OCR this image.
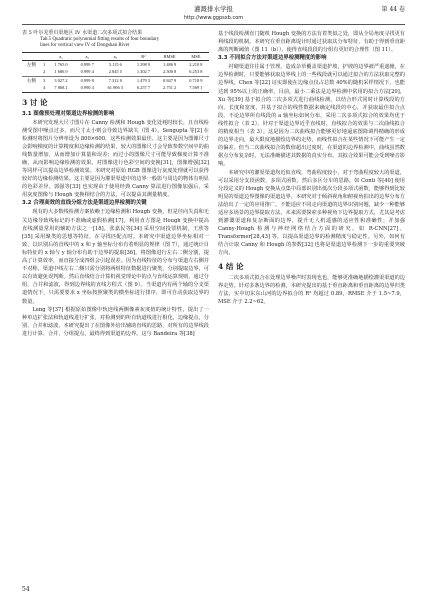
灌溉排水学报	第 44 卷
http://www.ggpsxb.com
表 5 叶尔羌垂川渠地区 IV 水渠道二次多项式拟合结果
Tab.5 Quadratic polynomial fitting results of four boundary
lines for vertical view IV of Dongshan River
		a₁	a₂	a₃	R²	RMSE	MSE
左侧	1	1 765.0	0.999 7	3.115 6	1.398 9	1.486 9	2.210 8
	2	1 686.9	0.999 4	2.845 5	1.302 7	2.500 8	6.253 8
右侧	3	3 027.2	0.999 8	7.312 0	1.479 3	0.847 9	0.718 9
	4	7 868.1	0.990 4	61.906 3	6.257 7	2.751 2	7.569 1
3 讨 论
3.1 图像预处理对渠道边界检测的影响

本研究发现大尺寸图片在 Canny 检测和 Hough 变化处耗时较长，且直线检测受图中噪点过多，而尺寸太小则会导致边界缺失（图 4）。Sengupta 等[2] 在检测时将图片分辨率设为 800×600，这些检测效果最佳。这主要是因为图像尺寸会影响梯度的计算精度和边缘检测的结果，较大的图像尺寸会导致参数空间中的曲线数量增加，从而增加计算量和误差；而过小的图像尺寸可能导致梯度计算不准确，从而影响边缘检测的效果。对图像进行色彩空间的变换[31]，图像增强[32] 等同样可以提高边界检测效果。本研究对原始 RGB 图像进行灰度处理就可以获得较好的边缘检测结果。这主要是因为灌渠渠道中的边界一般影与周边的物体有明显的色彩差异。郭强等[33] 也实现由于使用经典 Canny 算法进行图像加强后，采用灰度图像与 Hough 变换相结合的方法，可以提高其测量精度。

3.2 合理高效的直线分组方法是渠道边界检测的关键

现有的大多数线检测方案依赖于边缘检测和 Hough 变换，但是径向失真和无关边缘导致线标记的不准确或虚假检测[17]。利用直方图是 Hough 变换中提高直线测量常用的辅助方法之一[18]。张嘉民等[34] 采用空间投票机制，王欣等[35] 采用聚类的思想等特征，在寻找匹配点时。本研究中渠道边界坐标相对一致，以识别后的直线中的 x 和 y 轴坐标分布有着明显的规律（图 7），通过统计目标特征的 x 轴与 y 轴分布有助于边界的提取[36]。将图像进行左右二侧分割，提高了计算效率，而直接分成四组会引起误差。因为直线特征的分布与渠道左右侧并不对称，渠道中线左右二侧只需分别将两组特征数据进行聚类，分别提取边界，可以有效避免误判断。然后直线结合计算机视觉理论中的点与直线运算规则，通过分组、合并和滤波，得到边界线的直线方程式（图 9）。当渠道内有两个轴的分支渠道情况下，只需要要求 x 坐标按照聚类的横坐标进行排序，即可自动获取边界的数量。

Leng 等[37] 根据原始图像中轨迹线两侧像素灰度值的统计特性，提出了一种单边扩张法和轨道线进行扩张，对检测到的所有轨道线进行相化，边缘提点，分别、合并和滤波。本研究提出了在图像外给出辅助直线的思路，对所有的边界线段进行计算、合并、分组提点，最终得到渠道的边界。这与 Bandeira 等[38]

基于线段检测直门随机 Hough 变换的方法有着类似之处，即从全局角度寻找更有利线段的机制。本研究在垂直距离堤计时通过获取其分布特征，有助于得到垂直距离的判断阈值（图 11（b）），使得直线段段的分组有更好的合理性（图 11）。

3.3 不同拟合方法对渠道边界检测精度的影响

衬砌渠道往往属于管理，造成杂草覆盖渠道护坡，护坡的边界被严重遮掩，在边界检测时，只要能够获取边界线上的一些线段就可以通过拟合的方法获取完整的边界线。Chen 等[22] 证实即使在边缘点仅占总数 40%的随机采样情况下，也能达到 95%以上的正确率。目前，最小二乘法是边界检测中常用的拟合方法[20]，Xu 等[39] 基于拟合的二次多项式进行曲线检测，以结合形式同时计算线段的方向、长度和宽度，并基于拟合的线性数据来确定线段的中心，并获取最佳拟合点段。不论边界所有线段的 a 轴坐标如何分布，采用二次多项式拟合的效果均优于线性拟合（表 2）。针对于渠道边界近乎直线时，直线拟合的效果与二次曲线拟合的精度相当（表 3）。这是因为二次曲线拟合能够更好地逼底图降调得精确的形成的边界走向，最大限度地描绘边界的走势，而线性拟合在某些情况下可能产生一定的偏差。但当二次曲线拟合的数值超出过度时，在渠道的边界检测中，曲线虽然数据点分布复杂时，无法准确描述其数据的真实分布，其拟合效果可能会受到噪音影响。

本研究中的灌渠渠道均近似直线，弯曲程度较小，对于弯曲程度较大的渠道，可以采用分支段函数、多项式函数、然后多区分车的思路。如 Conti 等[40] 使用分段定义的 Hough 变换从点集中局部识别出低次分段多项式函数，能够得到比较明显的渠道边界图像的渠道边界。本研究对于倾斜视角和俯视角拍出的边界分布方法给出了一定的应用推广。不能适应不同走向渠道的边界识别问题，缺少一种能够适应多场景的边界提取方法。未来需要探索多种视角下边界提取方式，尤其是考虑到灌溉渠道和复杂断面的边界，提升无人机遥感的适应性和准确性；并加强 Canny-Hough 检测与神经网络结合方面的研究。如 R-CNN[27]、Transformer[28,43] 等，以提高渠道边界的检测精度与稳定性。另外，如何有结合计取 Canny 和 Hough 的参数[32] 也将是渠道边界检测下一步的重要突破方向。

4 结 论

二次多项式拟合在处理边界噪声时表现也也，能够更准确地描绘灌渠渠道的边界走势。针对多条边界的检测，本研究提出的基于垂直距离和垂直距离的边界归类方法，实中切东东山河的边界拟合的 R² 均超过 0.89，RMSE 介于 1.5~7.9，MSE 介于 2.2~62。

54
